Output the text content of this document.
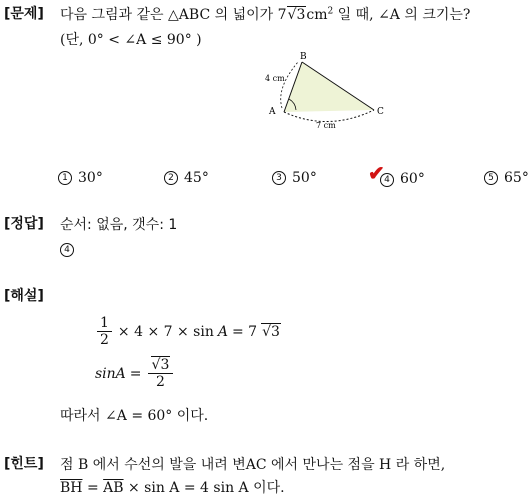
[문제] 다음 그림과 같은 △ABC 의 넓이가 $7√3cm^2$ 일 때, ∠A 의 크기는?
(단, 0° < ∠A ≤ 90° )
B
A	C
4 cm
7 cm
1 30°	2 45°	3 50°	4
✔ 60°	5 65°
[정답] 순서: 없음, 갯수: 1
4
[해설]
$\frac{1}{2} \times 4 \times 7 \times \sin A = 7$ √3
$\sin A = \frac{√3}{2}$
따라서 ∠A = 60° 이다.
[힌트] 점 B 에서 수선의 발을 내려 변AC 에서 만나는 점을 H 라 하면,
$\overline{BH} = \overline{AB} \times \sin A = 4$ sin A 이다.
